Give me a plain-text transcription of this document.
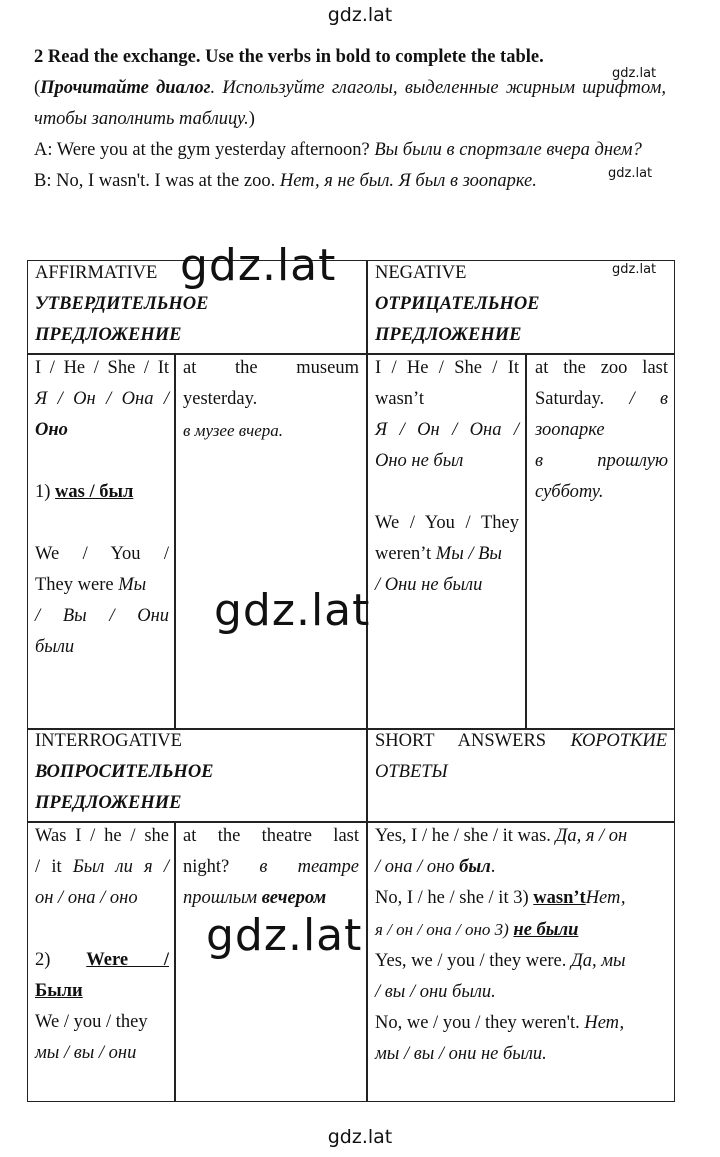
gdz.lat
gdz.lat
gdz.lat
gdz.lat

2 Read the exchange. Use the verbs in bold to complete the table.

(Прочитайте диалог. Используйте глаголы, выделенные жирным шрифтом, чтобы заполнить таблицу.)

A: Were you at the gym yesterday afternoon? Вы были в спортзале вчера днем?

B: No, I wasn't. I was at the zoo. Нет, я не был. Я был в зоопарке.

AFFIRMATIVE
УТВЕРДИТЕЛЬНОЕ
ПРЕДЛОЖЕНИЕ
NEGATIVE
ОТРИЦАТЕЛЬНОЕ
ПРЕДЛОЖЕНИЕ
I / He / She / It
Я / Он / Она /
Оно

1) was / был

We / You /
They were Мы
/ Вы / Они
были
at the museum
yesterday.
в музее вчера.
I / He / She / It
wasn’t
Я / Он / Она /
Оно не был

We / You / They
weren’t Мы / Вы
/ Они не были
at the zoo last
Saturday. / в
зоопарке
в прошлую
субботу.
INTERROGATIVE
ВОПРОСИТЕЛЬНОЕ
ПРЕДЛОЖЕНИЕ
SHORT ANSWERS КОРОТКИЕ
ОТВЕТЫ
Was I / he / she
/ it Был ли я /
он / она / оно

2) Were /
Были
We / you / they
мы / вы / они
at the theatre last
night? в театре
прошлым вечером
Yes, I / he / she / it was. Да, я / он
/ она / оно был.
No, I / he / she / it 3) wasn’tНет,
я / он / она / оно 3) не были
Yes, we / you / they were. Да, мы
/ вы / они были.
No, we / you / they weren't. Нет,
мы / вы / они не были.
gdz.lat	gdz.lat
gdz.lat
gdz.lat
